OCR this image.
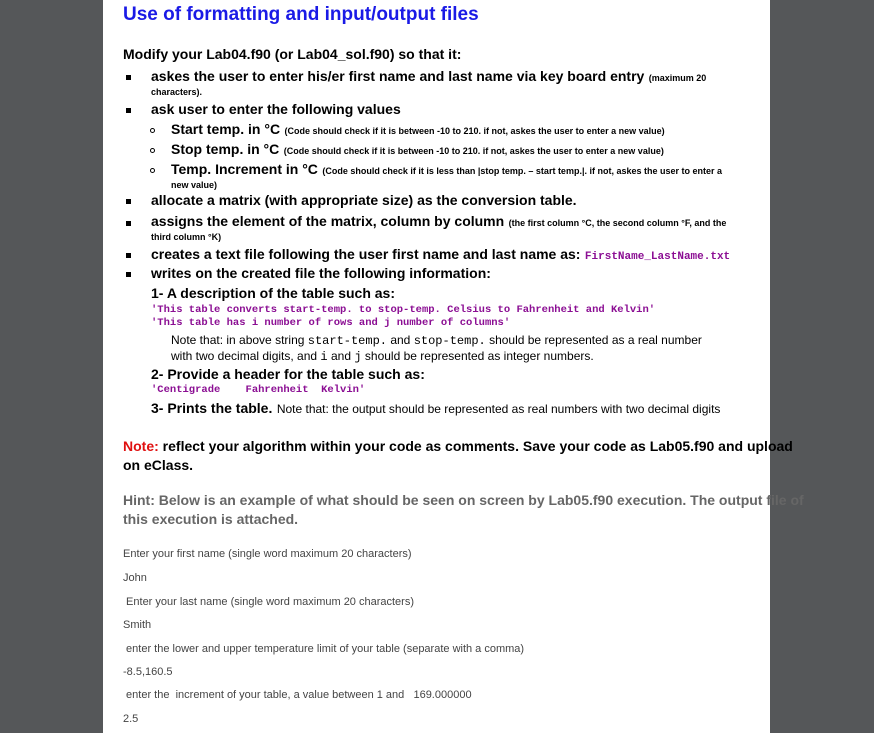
Use of formatting and input/output files
Modify your Lab04.f90 (or Lab04_sol.f90) so that it:
askes the user to enter his/er first name and last name via key board entry (maximum 20
characters).
ask user to enter the following values
Start temp. in °C (Code should check if it is between -10 to 210. if not, askes the user to enter a new value)
Stop temp. in °C (Code should check if it is between -10 to 210. if not, askes the user to enter a new value)
Temp. Increment in °C (Code should check if it is less than |stop temp. – start temp.|. if not, askes the user to enter a
new value)
allocate a matrix (with appropriate size) as the conversion table.
assigns the element of the matrix, column by column (the first column °C, the second column °F, and the
third column °K)
creates a text file following the user first name and last name as: FirstName_LastName.txt
writes on the created file the following information:
1- A description of the table such as:
'This table converts start-temp. to stop-temp. Celsius to Fahrenheit and Kelvin'
'This table has i number of rows and j number of columns'
Note that: in above string start-temp. and stop-temp. should be represented as a real number
with two decimal digits, and i and j should be represented as integer numbers.
2- Provide a header for the table such as:
'Centigrade    Fahrenheit  Kelvin'
3- Prints the table. Note that: the output should be represented as real numbers with two decimal digits
Note: reflect your algorithm within your code as comments. Save your code as Lab05.f90 and upload
on eClass.
Hint: Below is an example of what should be seen on screen by Lab05.f90 execution. The output file of
this execution is attached.
Enter your first name (single word maximum 20 characters)
John
Enter your last name (single word maximum 20 characters)
Smith
enter the lower and upper temperature limit of your table (separate with a comma)
-8.5,160.5
enter the  increment of your table, a value between 1 and   169.000000
2.5
